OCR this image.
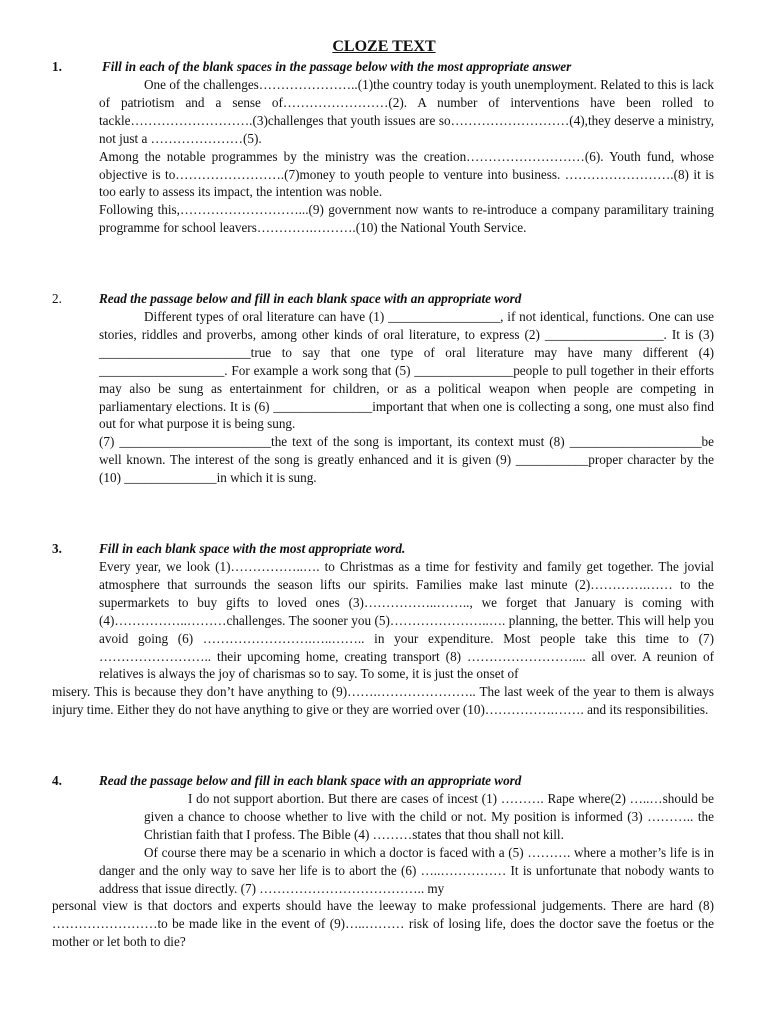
CLOZE TEXT
1.	Fill in each of the blank spaces in the passage below with the most appropriate answer

One of the challenges…………………..(1)the country today is youth unemployment. Related to this is lack of patriotism and a sense of……………………(2). A number of interventions have been rolled to tackle……………………….(3)challenges that youth issues are so………………………(4),they deserve a ministry, not just a …………………(5).

Among the notable programmes by the ministry was the creation………………………(6). Youth fund, whose objective is to…………………….(7)money to youth people to venture into business. …………………….(8) it is too early to assess its impact, the intention was noble.

Following this,………………………...(9) government now wants to re-introduce a company paramilitary training programme for school leavers………….……….(10) the National Youth Service.

2.	Read the passage below and fill in each blank space with an appropriate word

Different types of oral literature can have (1) _________________, if not identical, functions. One can use stories, riddles and proverbs, among other kinds of oral literature, to express (2) __________________. It is (3) _______________________true to say that one type of oral literature may have many different (4) ___________________. For example a work song that (5) _______________people to pull together in their efforts may also be sung as entertainment for children, or as a political weapon when people are competing in parliamentary elections. It is (6) _______________important that when one is collecting a song, one must also find out for what purpose it is being sung.

(7) _______________________the text of the song is important, its context must (8) ____________________be well known. The interest of the song is greatly enhanced and it is given (9) ___________proper character by the (10) ______________in which it is sung.

3.	Fill in each blank space with the most appropriate word.

Every year, we look (1)……………..…. to Christmas as a time for festivity and family get together. The jovial atmosphere that surrounds the season lifts our spirits. Families make last minute (2)………….…… to the supermarkets to buy gifts to loved ones (3)……………..…….., we forget that January is coming with (4)……………..………challenges. The sooner you (5)…………………..…. planning, the better. This will help you avoid going (6) …………………….…..…….. in your expenditure. Most people take this time to (7) …………………….. their upcoming home, creating transport (8) …………………….... all over. A reunion of relatives is always the joy of charismas so to say. To some, it is just the onset of

misery. This is because they don’t have anything to (9)…….………………….. The last week of the year to them is always injury time. Either they do not have anything to give or they are worried over (10)…………….……. and its responsibilities.

4.	Read the passage below and fill in each blank space with an appropriate word

I do not support abortion. But there are cases of incest (1) ………. Rape where(2) …..…should be given a chance to choose whether to live with the child or not. My position is informed (3) ……….. the Christian faith that I profess. The Bible (4) ………states that thou shall not kill.

Of course there may be a scenario in which a doctor is faced with a (5) ………. where a mother’s life is in danger and the only way to save her life is to abort the (6) …..…………… It is unfortunate that nobody wants to address that issue directly. (7) ……………………………….. my

personal view is that doctors and experts should have the leeway to make professional judgements. There are hard (8) ……………………to be made like in the event of (9)…..……… risk of losing life, does the doctor save the foetus or the mother or let both to die?
